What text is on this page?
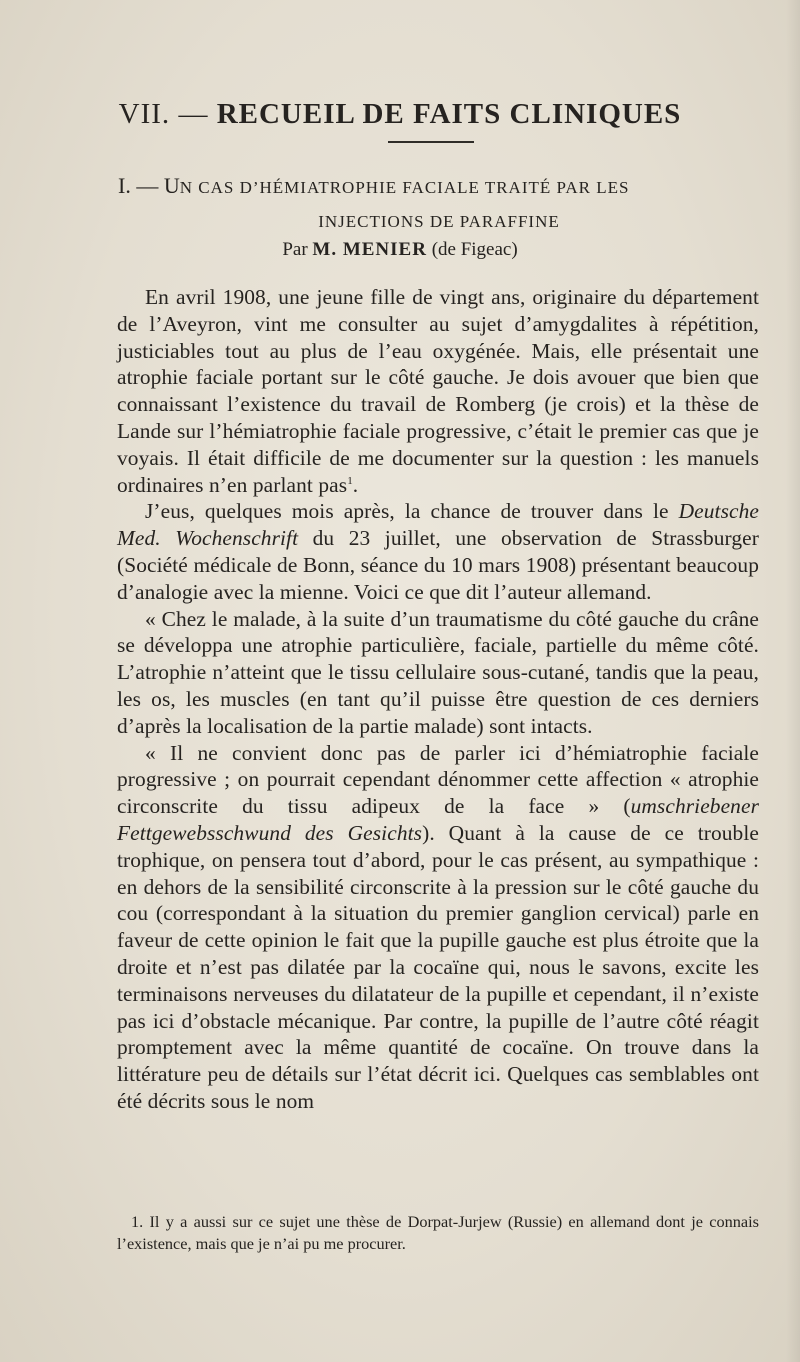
VII. — RECUEIL DE FAITS CLINIQUES
I. — UN CAS D’HÉMIATROPHIE FACIALE TRAITÉ PAR LES
INJECTIONS DE PARAFFINE
Par M. MENIER (de Figeac)

En avril 1908, une jeune fille de vingt ans, originaire du département de l’Aveyron, vint me consulter au sujet d’amygdalites à répétition, justiciables tout au plus de l’eau oxygénée. Mais, elle présentait une atrophie faciale portant sur le côté gauche. Je dois avouer que bien que connaissant l’existence du travail de Romberg (je crois) et la thèse de Lande sur l’hémiatrophie faciale progressive, c’était le premier cas que je voyais. Il était difficile de me documenter sur la question : les manuels ordinaires n’en parlant pas$^1$.

J’eus, quelques mois après, la chance de trouver dans le Deutsche Med. Wochenschrift du 23 juillet, une observation de Strassburger (Société médicale de Bonn, séance du 10 mars 1908) présentant beaucoup d’analogie avec la mienne. Voici ce que dit l’auteur allemand.

« Chez le malade, à la suite d’un traumatisme du côté gauche du crâne se développa une atrophie particulière, faciale, partielle du même côté. L’atrophie n’atteint que le tissu cellulaire sous-cutané, tandis que la peau, les os, les muscles (en tant qu’il puisse être question de ces derniers d’après la localisation de la partie malade) sont intacts.

« Il ne convient donc pas de parler ici d’hémiatrophie faciale progressive ; on pourrait cependant dénommer cette affection « atrophie circonscrite du tissu adipeux de la face » (umschriebener Fettgewebsschwund des Gesichts). Quant à la cause de ce trouble trophique, on pensera tout d’abord, pour le cas présent, au sympathique : en dehors de la sensibilité circonscrite à la pression sur le côté gauche du cou (correspondant à la situation du premier ganglion cervical) parle en faveur de cette opinion le fait que la pupille gauche est plus étroite que la droite et n’est pas dilatée par la cocaïne qui, nous le savons, excite les terminaisons nerveuses du dilatateur de la pupille et cependant, il n’existe pas ici d’obstacle mécanique. Par contre, la pupille de l’autre côté réagit promptement avec la même quantité de cocaïne. On trouve dans la littérature peu de détails sur l’état décrit ici. Quelques cas semblables ont été décrits sous le nom

1. Il y a aussi sur ce sujet une thèse de Dorpat-Jurjew (Russie) en allemand dont je connais l’existence, mais que je n’ai pu me procurer.
